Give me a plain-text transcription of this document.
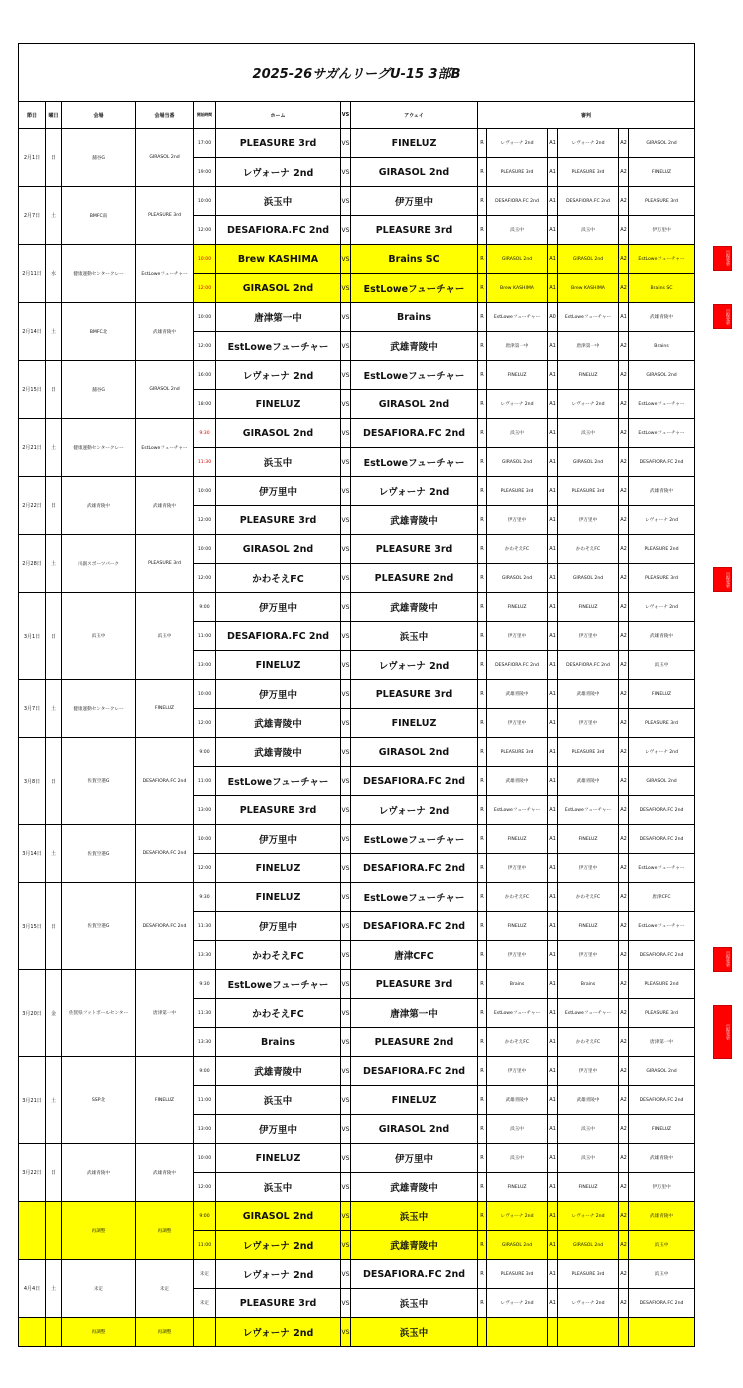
2025-26サガんリーグU-15 3部B													
節日	曜日	会場	会場当番	開始時間	ホーム	VS	アウェイ	審判					
2月1日	日	舗谷G	GIRASOL 2nd	17:00	PLEASURE 3rd	VS	FINELUZ	R	レヴォーナ 2nd	A1	レヴォーナ 2nd	A2	GIRASOL 2nd
				19:00	レヴォーナ 2nd	VS	GIRASOL 2nd	R	PLEASURE 3rd	A1	PLEASURE 3rd	A2	FINELUZ
2月7日	土	BMFC南	PLEASURE 3rd	10:00	浜玉中	VS	伊万里中	R	DESAFIORA.FC 2nd	A1	DESAFIORA.FC 2nd	A2	PLEASURE 3rd
				12:00	DESAFIORA.FC 2nd	VS	PLEASURE 3rd	R	浜玉中	A1	浜玉中	A2	伊万里中
2月11日	水	健康運動センタークレー	EstLoweフューチャー	10:00	Brew KASHIMA	VS	Brains SC	R	GIRASOL 2nd	A1	GIRASOL 2nd	A2	EstLoweフューチャー
				12:00	GIRASOL 2nd	VS	EstLoweフューチャー	R	Brew KASHIMA	A1	Brew KASHIMA	A2	Brains SC
2月14日	土	BMFC北	武雄青陵中	10:00	唐津第一中	VS	Brains	R	EstLoweフューチャー	A0	EstLoweフューチャー	A1	武雄青陵中
				12:00	EstLoweフューチャー	VS	武雄青陵中	R	唐津第一中	A1	唐津第一中	A2	Brains
2月15日	日	舗谷G	GIRASOL 2nd	16:00	レヴォーナ 2nd	VS	EstLoweフューチャー	R	FINELUZ	A1	FINELUZ	A2	GIRASOL 2nd
				18:00	FINELUZ	VS	GIRASOL 2nd	R	レヴォーナ 2nd	A1	レヴォーナ 2nd	A2	EstLoweフューチャー
2月21日	土	健康運動センタークレー	EstLoweフューチャー	9:30	GIRASOL 2nd	VS	DESAFIORA.FC 2nd	R	浜玉中	A1	浜玉中	A2	EstLoweフューチャー
				11:30	浜玉中	VS	EstLoweフューチャー	R	GIRASOL 2nd	A1	GIRASOL 2nd	A2	DESAFIORA.FC 2nd
2月22日	日	武雄青陵中	武雄青陵中	10:00	伊万里中	VS	レヴォーナ 2nd	R	PLEASURE 3rd	A1	PLEASURE 3rd	A2	武雄青陵中
				12:00	PLEASURE 3rd	VS	武雄青陵中	R	伊万里中	A1	伊万里中	A2	レヴォーナ 2nd
2月28日	土	川副スポーツパーク	PLEASURE 3rd	10:00	GIRASOL 2nd	VS	PLEASURE 3rd	R	かわそえFC	A1	かわそえFC	A2	PLEASURE 2nd
				12:00	かわそえFC	VS	PLEASURE 2nd	R	GIRASOL 2nd	A1	GIRASOL 2nd	A2	PLEASURE 3rd
3月1日	日	浜玉中	浜玉中	9:00	伊万里中	VS	武雄青陵中	R	FINELUZ	A1	FINELUZ	A2	レヴォーナ 2nd
				11:00	DESAFIORA.FC 2nd	VS	浜玉中	R	伊万里中	A1	伊万里中	A2	武雄青陵中
				13:00	FINELUZ	VS	レヴォーナ 2nd	R	DESAFIORA.FC 2nd	A1	DESAFIORA.FC 2nd	A2	浜玉中
3月7日	土	健康運動センタークレー	FINELUZ	10:00	伊万里中	VS	PLEASURE 3rd	R	武雄青陵中	A1	武雄青陵中	A2	FINELUZ
				12:00	武雄青陵中	VS	FINELUZ	R	伊万里中	A1	伊万里中	A2	PLEASURE 3rd
3月8日	日	佐賀空港G	DESAFIORA.FC 2nd	9:00	武雄青陵中	VS	GIRASOL 2nd	R	PLEASURE 3rd	A1	PLEASURE 3rd	A2	レヴォーナ 2nd
				11:00	EstLoweフューチャー	VS	DESAFIORA.FC 2nd	R	武雄青陵中	A1	武雄青陵中	A2	GIRASOL 2nd
				13:00	PLEASURE 3rd	VS	レヴォーナ 2nd	R	EstLoweフューチャー	A1	EstLoweフューチャー	A2	DESAFIORA.FC 2nd
3月14日	土	佐賀空港G	DESAFIORA.FC 2nd	10:00	伊万里中	VS	EstLoweフューチャー	R	FINELUZ	A1	FINELUZ	A2	DESAFIORA.FC 2nd
				12:00	FINELUZ	VS	DESAFIORA.FC 2nd	R	伊万里中	A1	伊万里中	A2	EstLoweフューチャー
3月15日	日	佐賀空港G	DESAFIORA.FC 2nd	9:30	FINELUZ	VS	EstLoweフューチャー	R	かわそえFC	A1	かわそえFC	A2	唐津CFC
				11:30	伊万里中	VS	DESAFIORA.FC 2nd	R	FINELUZ	A1	FINELUZ	A2	EstLoweフューチャー
				13:30	かわそえFC	VS	唐津CFC	R	伊万里中	A1	伊万里中	A2	DESAFIORA.FC 2nd
3月20日	金	佐賀県フットボールセンター	唐津第一中	9:30	EstLoweフューチャー	VS	PLEASURE 3rd	R	Brains	A1	Brains	A2	PLEASURE 2nd
				11:30	かわそえFC	VS	唐津第一中	R	EstLoweフューチャー	A1	EstLoweフューチャー	A2	PLEASURE 3rd
				13:30	Brains	VS	PLEASURE 2nd	R	かわそえFC	A1	かわそえFC	A2	唐津第一中
3月21日	土	SSP北	FINELUZ	9:00	武雄青陵中	VS	DESAFIORA.FC 2nd	R	伊万里中	A1	伊万里中	A2	GIRASOL 2nd
				11:00	浜玉中	VS	FINELUZ	R	武雄青陵中	A1	武雄青陵中	A2	DESAFIORA.FC 2nd
				13:00	伊万里中	VS	GIRASOL 2nd	R	浜玉中	A1	浜玉中	A2	FINELUZ
3月22日	日	武雄青陵中	武雄青陵中	10:00	FINELUZ	VS	伊万里中	R	浜玉中	A1	浜玉中	A2	武雄青陵中
				12:00	浜玉中	VS	武雄青陵中	R	FINELUZ	A1	FINELUZ	A2	伊万里中
		再調整	再調整	9:00	GIRASOL 2nd	VS	浜玉中	R	レヴォーナ 2nd	A1	レヴォーナ 2nd	A2	武雄青陵中
				11:00	レヴォーナ 2nd	VS	武雄青陵中	R	GIRASOL 2nd	A1	GIRASOL 2nd	A2	浜玉中
4月4日	土	未定	未定	未定	レヴォーナ 2nd	VS	DESAFIORA.FC 2nd	R	PLEASURE 3rd	A1	PLEASURE 3rd	A2	浜玉中
				未定	PLEASURE 3rd	VS	浜玉中	R	レヴォーナ 2nd	A1	レヴォーナ 2nd	A2	DESAFIORA.FC 2nd
		再調整	再調整		レヴォーナ 2nd	VS	浜玉中						
日程変更
日程変更
日程変更
日程変更
日程変更
